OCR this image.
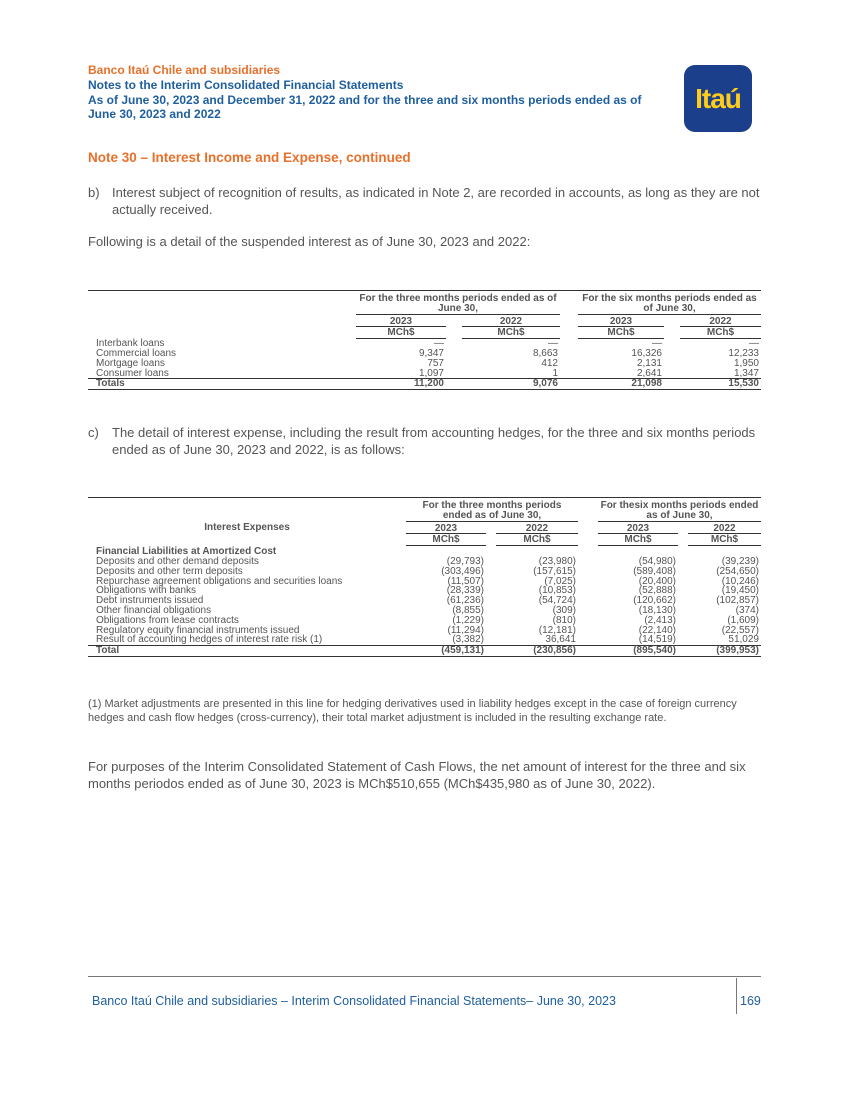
Banco Itaú Chile and subsidiaries
Notes to the Interim Consolidated Financial Statements
As of June 30, 2023 and December 31, 2022 and for the three and six months periods ended as of
June 30, 2023 and 2022
Itaú
Note 30 – Interest Income and Expense, continued
b) Interest subject of recognition of results, as indicated in Note 2, are recorded in accounts, as long as they are not actually received.
Following is a detail of the suspended interest as of June 30, 2023 and 2022:
	For the three months periods ended as of June 30,				For the six months periods ended as of June 30,		
	2023		2022		2023		2022
	MCh$		MCh$		MCh$		MCh$
Interbank loans	—		—		—		—
Commercial loans	9,347		8,663		16,326		12,233
Mortgage loans	757		412		2,131		1,950
Consumer loans	1,097		1		2,641		1,347
Totals	11,200		9,076		21,098		15,530
c) The detail of interest expense, including the result from accounting hedges, for the three and six months periods ended as of June 30, 2023 and 2022, is as follows:
	For the three months periods ended as of June 30,				For thesix months periods ended as of June 30,		
Interest Expenses	2023		2022		2023		2022
	MCh$		MCh$		MCh$		MCh$
Financial Liabilities at Amortized Cost							
Deposits and other demand deposits	(29,793)		(23,980)		(54,980)		(39,239)
Deposits and other term deposits	(303,496)		(157,615)		(589,408)		(254,650)
Repurchase agreement obligations and securities loans	(11,507)		(7,025)		(20,400)		(10,246)
Obligations with banks	(28,339)		(10,853)		(52,888)		(19,450)
Debt instruments issued	(61,236)		(54,724)		(120,662)		(102,857)
Other financial obligations	(8,855)		(309)		(18,130)		(374)
Obligations from lease contracts	(1,229)		(810)		(2,413)		(1,609)
Regulatory equity financial instruments issued	(11,294)		(12,181)		(22,140)		(22,557)
Result of accounting hedges of interest rate risk (1)	(3,382)		36,641		(14,519)		51,029
Total	(459,131)		(230,856)		(895,540)		(399,953)
(1) Market adjustments are presented in this line for hedging derivatives used in liability hedges except in the case of foreign currency hedges and cash flow hedges (cross-currency), their total market adjustment is included in the resulting exchange rate.
For purposes of the Interim Consolidated Statement of Cash Flows, the net amount of interest for the three and six months periodos ended as of June 30, 2023 is MCh$510,655 (MCh$435,980 as of June 30, 2022).
Banco Itaú Chile and subsidiaries – Interim Consolidated Financial Statements– June 30, 2023	169
